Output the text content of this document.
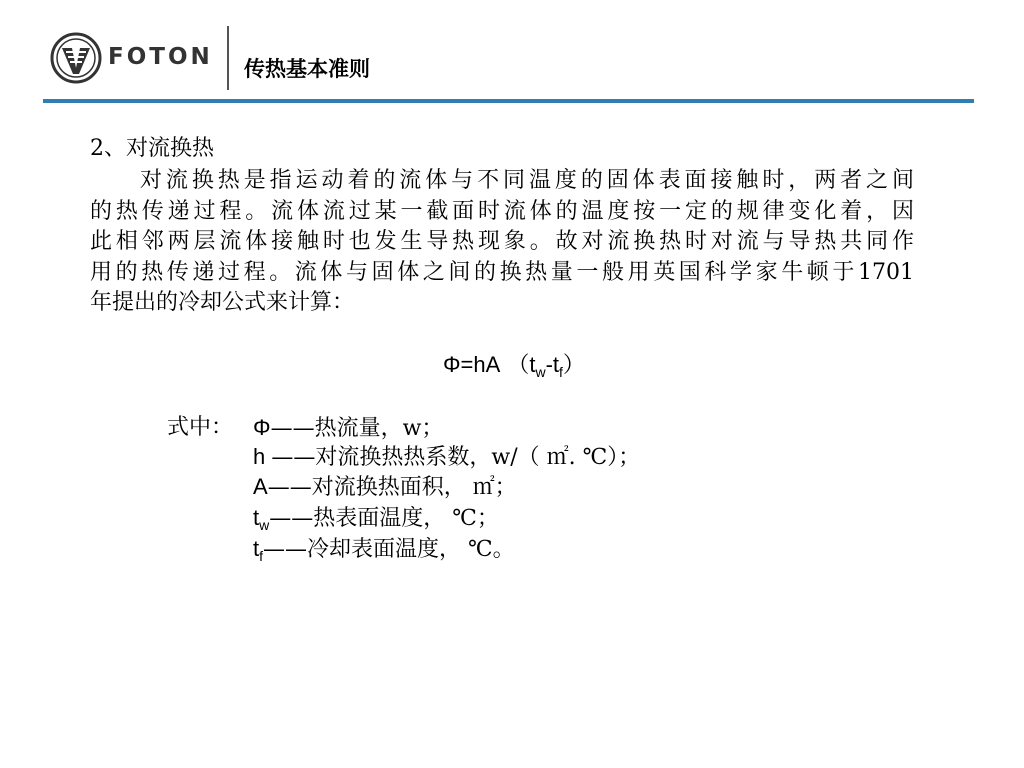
FOTON 传热基本准则
2、对流换热
对流换热是指运动着的流体与不同温度的固体表面接触时，两者之间
的热传递过程。流体流过某一截面时流体的温度按一定的规律变化着，因
此相邻两层流体接触时也发生导热现象。故对流换热时对流与导热共同作
用的热传递过程。流体与固体之间的换热量一般用英国科学家牛顿于1701
年提出的冷却公式来计算：
Φ=hA $(t_w-t_f)$
式中： Φ——热流量，w；
h ——对流换热热系数，w/（ ㎡. ℃）；
A——对流换热面积， ㎡；
$t_w——$热表面温度， ℃；
$t_f——$冷却表面温度， ℃。
